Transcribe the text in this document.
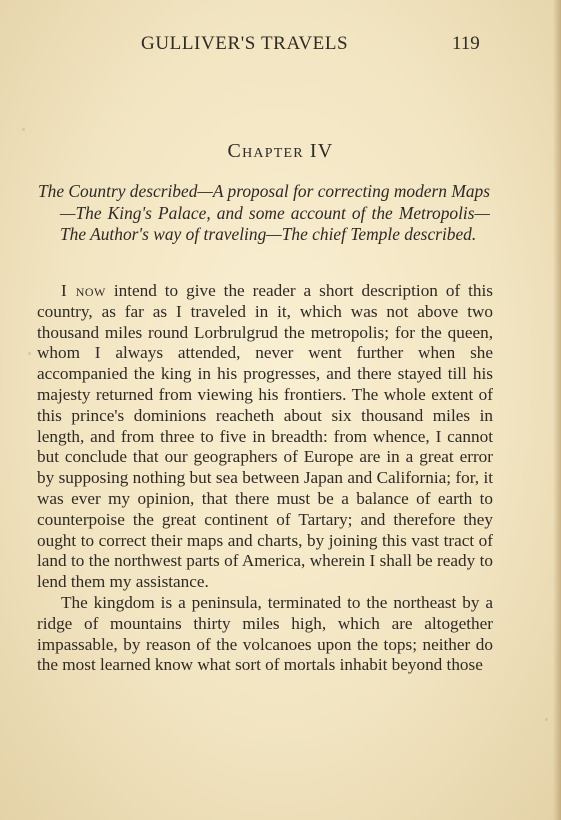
GULLIVER'S TRAVELS	119
Chapter IV

The Country described—A proposal for correcting modern Maps—The King's Palace, and some account of the Metropolis—The Author's way of traveling—The chief Temple described.

I now intend to give the reader a short description of this country, as far as I traveled in it, which was not above two thousand miles round Lorbrulgrud the metropolis; for the queen, whom I always attended, never went further when she accompanied the king in his progresses, and there stayed till his majesty returned from viewing his frontiers. The whole extent of this prince's dominions reacheth about six thousand miles in length, and from three to five in breadth: from whence, I cannot but conclude that our geographers of Europe are in a great error by supposing nothing but sea between Japan and California; for, it was ever my opinion, that there must be a balance of earth to counterpoise the great continent of Tartary; and therefore they ought to correct their maps and charts, by joining this vast tract of land to the northwest parts of America, wherein I shall be ready to lend them my assistance.

The kingdom is a peninsula, terminated to the northeast by a ridge of mountains thirty miles high, which are altogether impassable, by reason of the volcanoes upon the tops; neither do the most learned know what sort of mortals inhabit beyond those
